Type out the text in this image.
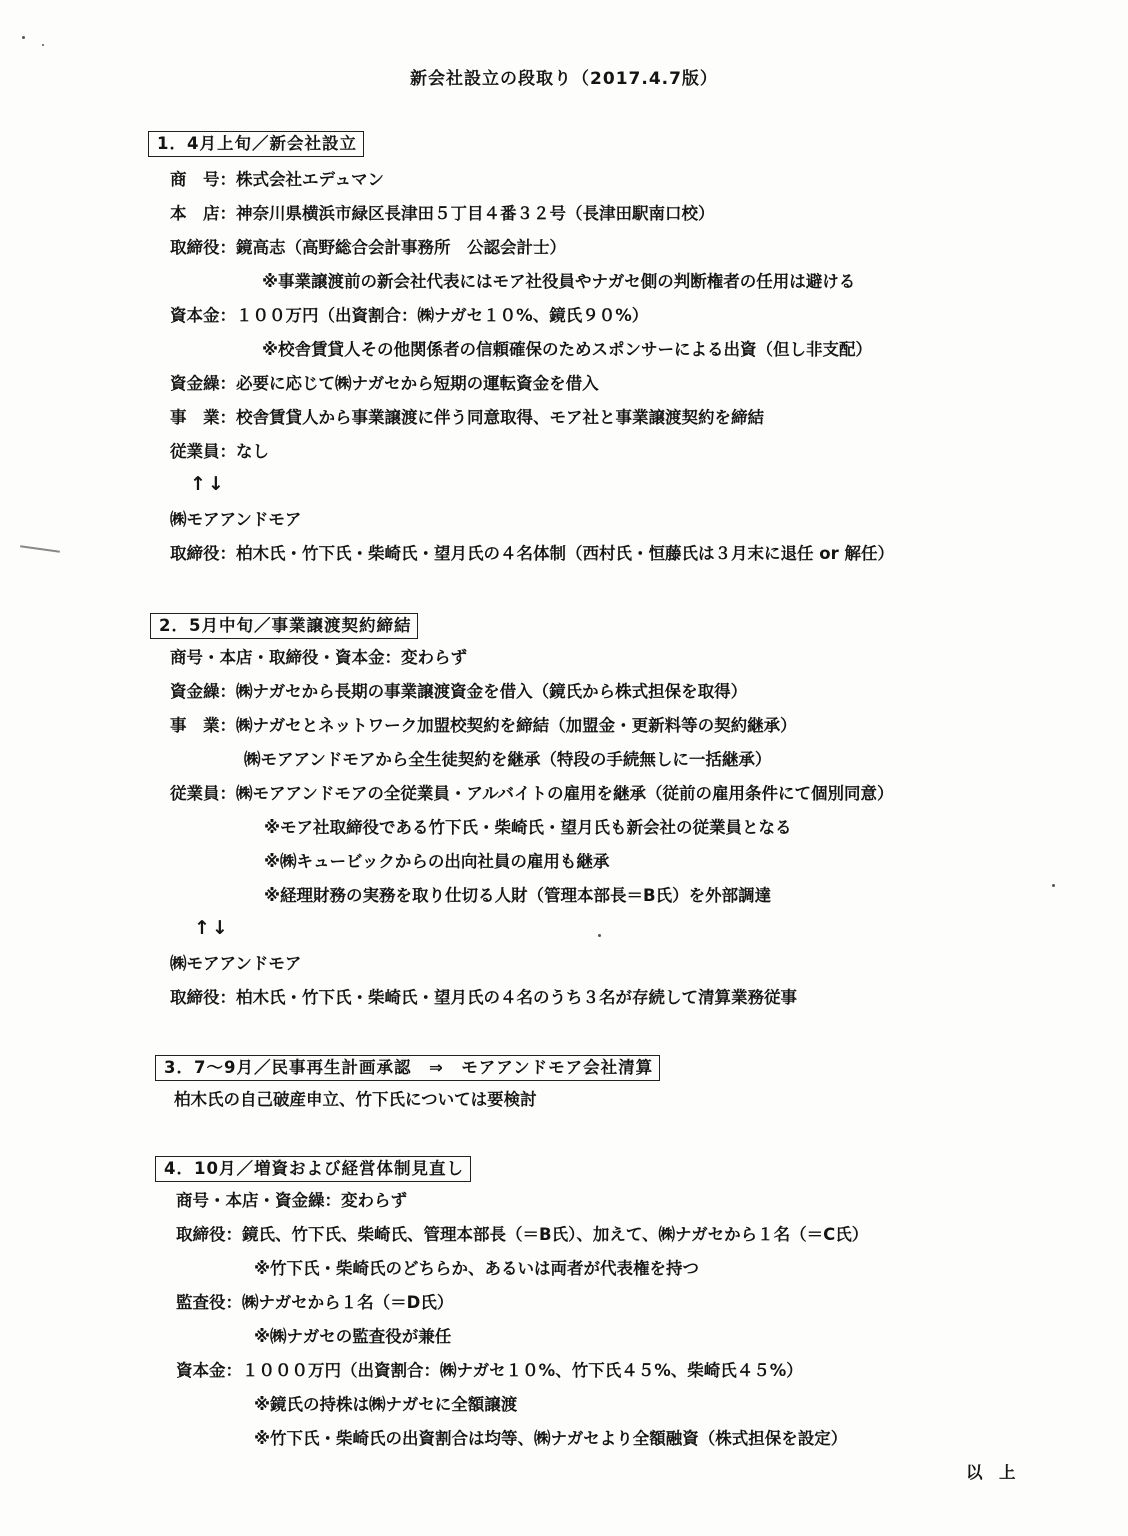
新会社設立の段取り（2017.4.7版）
1．4月上旬／新会社設立
商　号：株式会社エデュマン
本　店：神奈川県横浜市緑区長津田５丁目４番３２号（長津田駅南口校）
取締役：鏡高志（高野総合会計事務所　公認会計士）
※事業譲渡前の新会社代表にはモア社役員やナガセ側の判断権者の任用は避ける
資本金：１００万円（出資割合：㈱ナガセ１０%、鏡氏９０%）
※校舎賃貸人その他関係者の信頼確保のためスポンサーによる出資（但し非支配）
資金繰：必要に応じて㈱ナガセから短期の運転資金を借入
事　業：校舎賃貸人から事業譲渡に伴う同意取得、モア社と事業譲渡契約を締結
従業員：なし
↑↓
㈱モアアンドモア
取締役：柏木氏・竹下氏・柴崎氏・望月氏の４名体制（西村氏・恒藤氏は３月末に退任 or 解任）
2．5月中旬／事業譲渡契約締結
商号・本店・取締役・資本金：変わらず
資金繰：㈱ナガセから長期の事業譲渡資金を借入（鏡氏から株式担保を取得）
事　業：㈱ナガセとネットワーク加盟校契約を締結（加盟金・更新料等の契約継承）
㈱モアアンドモアから全生徒契約を継承（特段の手続無しに一括継承）
従業員：㈱モアアンドモアの全従業員・アルバイトの雇用を継承（従前の雇用条件にて個別同意）
※モア社取締役である竹下氏・柴崎氏・望月氏も新会社の従業員となる
※㈱キュービックからの出向社員の雇用も継承
※経理財務の実務を取り仕切る人財（管理本部長＝B氏）を外部調達
↑↓
㈱モアアンドモア
取締役：柏木氏・竹下氏・柴崎氏・望月氏の４名のうち３名が存続して清算業務従事
3．7～9月／民事再生計画承認　⇒　モアアンドモア会社清算
柏木氏の自己破産申立、竹下氏については要検討
4．10月／増資および経営体制見直し
商号・本店・資金繰：変わらず
取締役：鏡氏、竹下氏、柴崎氏、管理本部長（＝B氏）、加えて、㈱ナガセから１名（＝C氏）
※竹下氏・柴崎氏のどちらか、あるいは両者が代表権を持つ
監査役：㈱ナガセから１名（＝D氏）
※㈱ナガセの監査役が兼任
資本金：１０００万円（出資割合：㈱ナガセ１０%、竹下氏４５%、柴崎氏４５%）
※鏡氏の持株は㈱ナガセに全額譲渡
※竹下氏・柴崎氏の出資割合は均等、㈱ナガセより全額融資（株式担保を設定）
以　上
